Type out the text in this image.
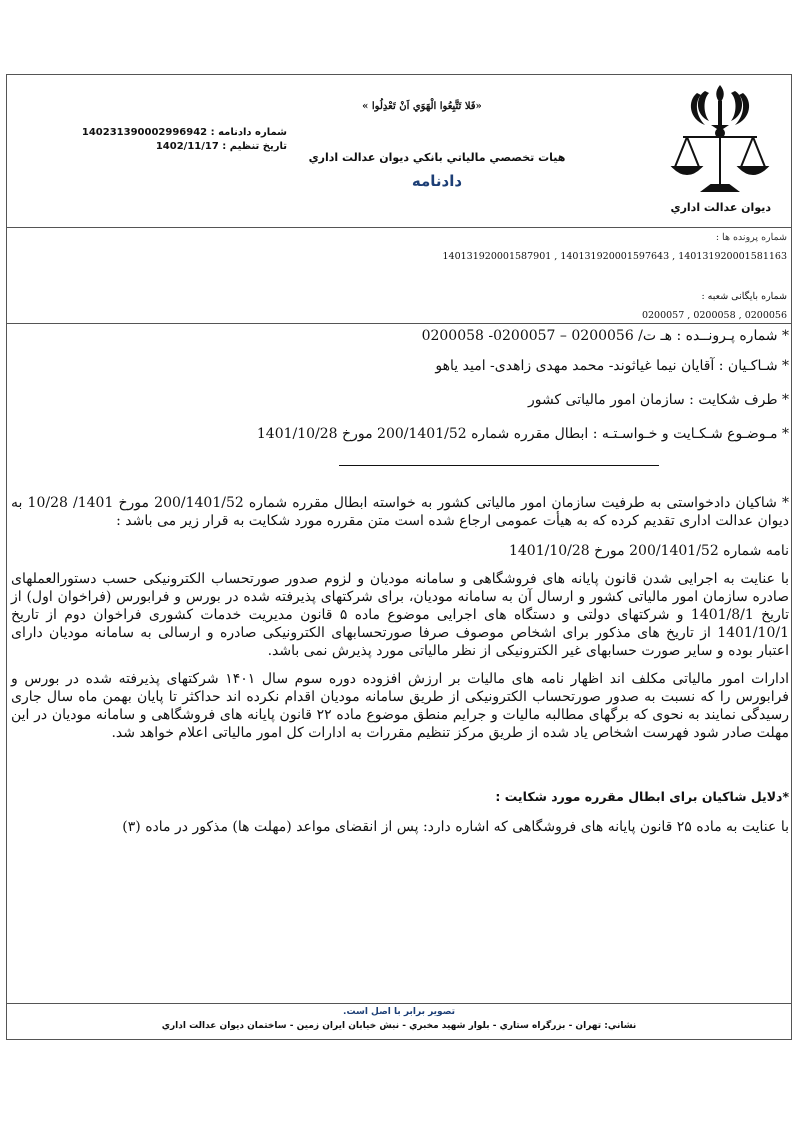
ديوان عدالت اداري
«فَلا تَتَّبِعُوا الْهَوَي اَنْ تَعْدِلُوا »
هيات تخصصي مالياتي بانكي ديوان عدالت اداري
دادنامه
شماره دادنامه : 140231390002996942
تاريخ تنظيم : 1402/11/17
شماره پرونده ها :
140131920001587901 , 140131920001597643 , 140131920001581163
شماره بایگانی شعبه :
0200057 , 0200058 , 0200056

* شماره پـرونــده : هـ ت/ 0200056 – 0200057- 0200058

* شـاکـیان : آقایان نیما غیاثوند- محمد مهدی زاهدی- امید یاهو

* طرف شکایت : سازمان امور مالیاتی کشور

* مـوضـوع شـکـایت و خـواسـتـه : ابطال مقرره شماره 200/1401/52 مورخ 1401/10/28

* شاکیان دادخواستی به طرفیت سازمان امور مالیاتی کشور به خواسته ابطال مقرره شماره 200/1401/52 مورخ 1401/ 10/28 به دیوان عدالت اداری تقدیم کرده که به هیأت عمومی ارجاع شده است متن مقرره مورد شکایت به قرار زیر می باشد :

نامه شماره 200/1401/52 مورخ 1401/10/28

با عنایت به اجرایی شدن قانون پایانه های فروشگاهی و سامانه مودیان و لزوم صدور صورتحساب الکترونیکی حسب دستورالعملهای صادره سازمان امور مالیاتی کشور و ارسال آن به سامانه مودیان، برای شرکتهای پذیرفته شده در بورس و فرابورس (فراخوان اول) از تاریخ 1401/8/1 و شرکتهای دولتی و دستگاه های اجرایی موضوع ماده ۵ قانون مدیریت خدمات کشوری فراخوان دوم از تاریخ 1401/10/1 از تاریخ های مذکور برای اشخاص موصوف صرفا صورتحسابهای الکترونیکی صادره و ارسالی به سامانه مودیان دارای اعتبار بوده و سایر صورت حسابهای غیر الکترونیکی از نظر مالیاتی مورد پذیرش نمی باشد.

ادارات امور مالیاتی مکلف اند اظهار نامه های مالیات بر ارزش افزوده دوره سوم سال ۱۴۰۱ شرکتهای پذیرفته شده در بورس و فرابورس را که نسبت به صدور صورتحساب الکترونیکی از طریق سامانه مودیان اقدام نکرده اند حداکثر تا پایان بهمن ماه سال جاری رسیدگی نمایند به نحوی که برگهای مطالبه مالیات و جرایم منطق موضوع ماده ۲۲ قانون پایانه های فروشگاهی و سامانه مودیان در این مهلت صادر شود فهرست اشخاص یاد شده از طریق مرکز تنظیم مقررات به ادارات کل امور مالیاتی اعلام خواهد شد.

*دلایل شاکیان برای ابطال مقرره مورد شکایت :

با عنایت به ماده ۲۵ قانون پایانه های فروشگاهی که اشاره دارد: پس از انقضای مواعد (مهلت ها) مذکور در ماده (۳)

تصوير برابر با اصل است.
نشاني: تهران - بزرگراه ستاري - بلوار شهيد مخبري - نبش خيابان ايران زمين - ساختمان ديوان عدالت اداري
